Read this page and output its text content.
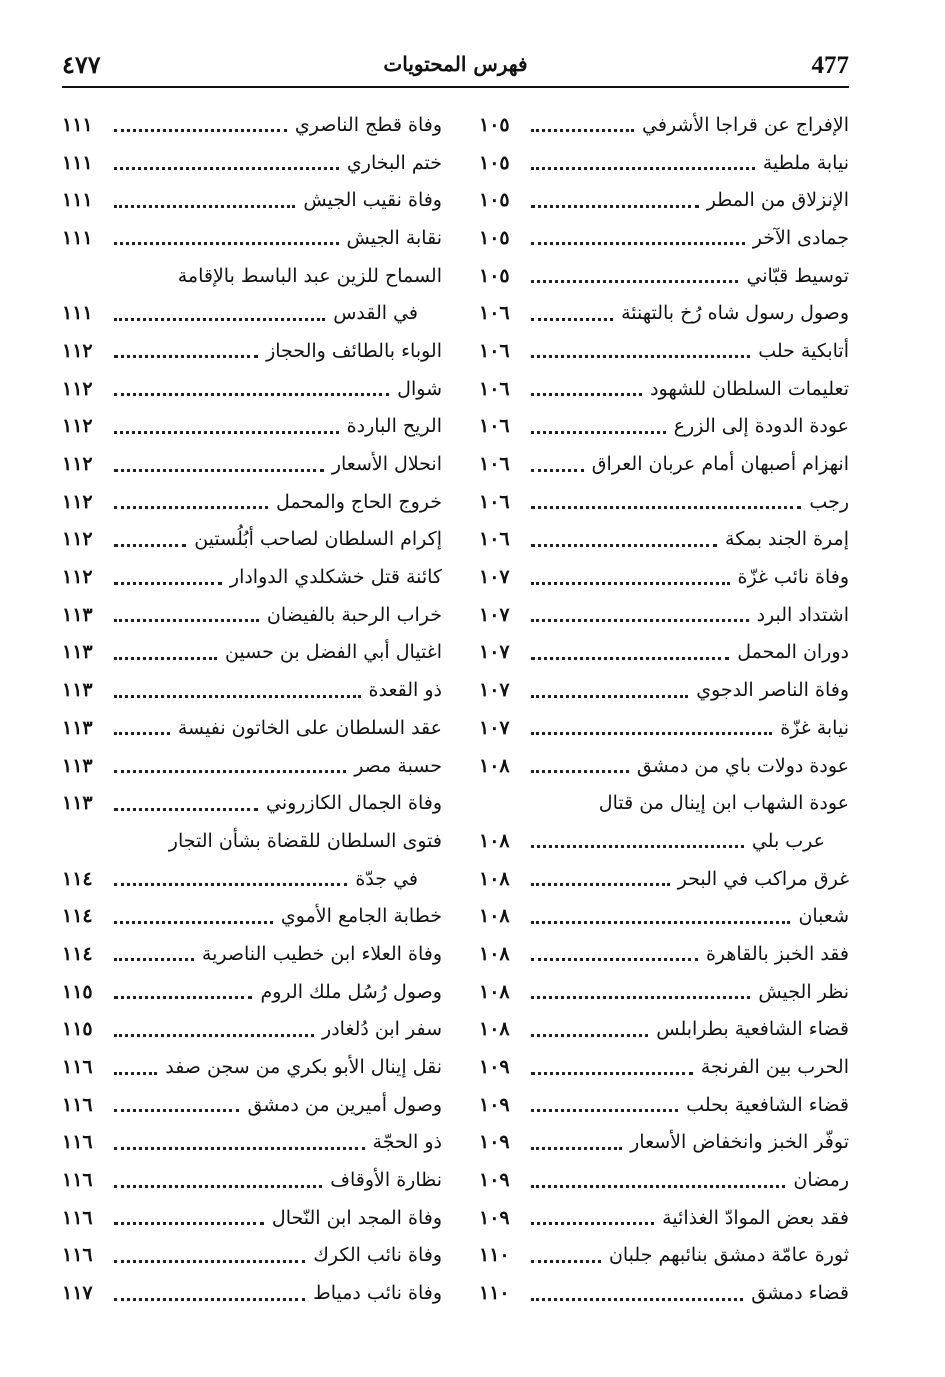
477
فهرس المحتويات
٤٧٧
الإفراج عن قراجا الأشرفي
١٠٥
نيابة ملطية
١٠٥
الإنزلاق من المطر
١٠٥
جمادى الآخر
١٠٥
توسيط قبّاني
١٠٥
وصول رسول شاه رُخ بالتهنئة
١٠٦
أتابكية حلب
١٠٦
تعليمات السلطان للشهود
١٠٦
عودة الدودة إلى الزرع
١٠٦
انهزام أصبهان أمام عربان العراق
١٠٦
رجب
١٠٦
إمرة الجند بمكة
١٠٦
وفاة نائب غزّة
١٠٧
اشتداد البرد
١٠٧
دوران المحمل
١٠٧
وفاة الناصر الدجوي
١٠٧
نيابة غزّة
١٠٧
عودة دولات باي من دمشق
١٠٨
عودة الشهاب ابن إينال من قتال
عرب بلي
١٠٨
غرق مراكب في البحر
١٠٨
شعبان
١٠٨
فقد الخبز بالقاهرة
١٠٨
نظر الجيش
١٠٨
قضاء الشافعية بطرابلس
١٠٨
الحرب بين الفرنجة
١٠٩
قضاء الشافعية بحلب
١٠٩
توفّر الخبز وانخفاض الأسعار
١٠٩
رمضان
١٠٩
فقد بعض الموادّ الغذائية
١٠٩
ثورة عامّة دمشق بنائبهم جلبان
١١٠
قضاء دمشق
١١٠
وفاة قطج الناصري
١١١
ختم البخاري
١١١
وفاة نقيب الجيش
١١١
نقابة الجيش
١١١
السماح للزين عبد الباسط بالإقامة
في القدس
١١١
الوباء بالطائف والحجاز
١١٢
شوال
١١٢
الريح الباردة
١١٢
انحلال الأسعار
١١٢
خروج الحاج والمحمل
١١٢
إكرام السلطان لصاحب أبُلُستين
١١٢
كائنة قتل خشكلدي الدوادار
١١٢
خراب الرحبة بالفيضان
١١٣
اغتيال أبي الفضل بن حسين
١١٣
ذو القعدة
١١٣
عقد السلطان على الخاتون نفيسة
١١٣
حسبة مصر
١١٣
وفاة الجمال الكازروني
١١٣
فتوى السلطان للقضاة بشأن التجار
في جدّة
١١٤
خطابة الجامع الأموي
١١٤
وفاة العلاء ابن خطيب الناصرية
١١٤
وصول رُسُل ملك الروم
١١٥
سفر ابن دُلغادر
١١٥
نقل إينال الأبو بكري من سجن صفد
١١٦
وصول أميرين من دمشق
١١٦
ذو الحجّة
١١٦
نظارة الأوقاف
١١٦
وفاة المجد ابن النّحال
١١٦
وفاة نائب الكرك
١١٦
وفاة نائب دمياط
١١٧
